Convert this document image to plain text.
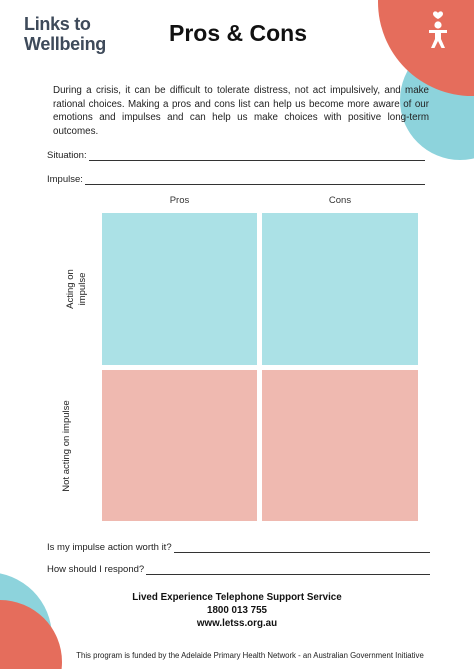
Links to
Wellbeing	Pros & Cons

During a crisis, it can be difficult to tolerate distress, not act impulsively, and make rational choices. Making a pros and cons list can help us become more aware of our emotions and impulses and can help us make choices with positive long-term outcomes.

Situation:
Impulse:
Pros	Cons
Acting on impulse
Not acting on impulse
Is my impulse action worth it?
How should I respond?
Lived Experience Telephone Support Service
1800 013 755
www.letss.org.au
This program is funded by the Adelaide Primary Health Network - an Australian Government Initiative
